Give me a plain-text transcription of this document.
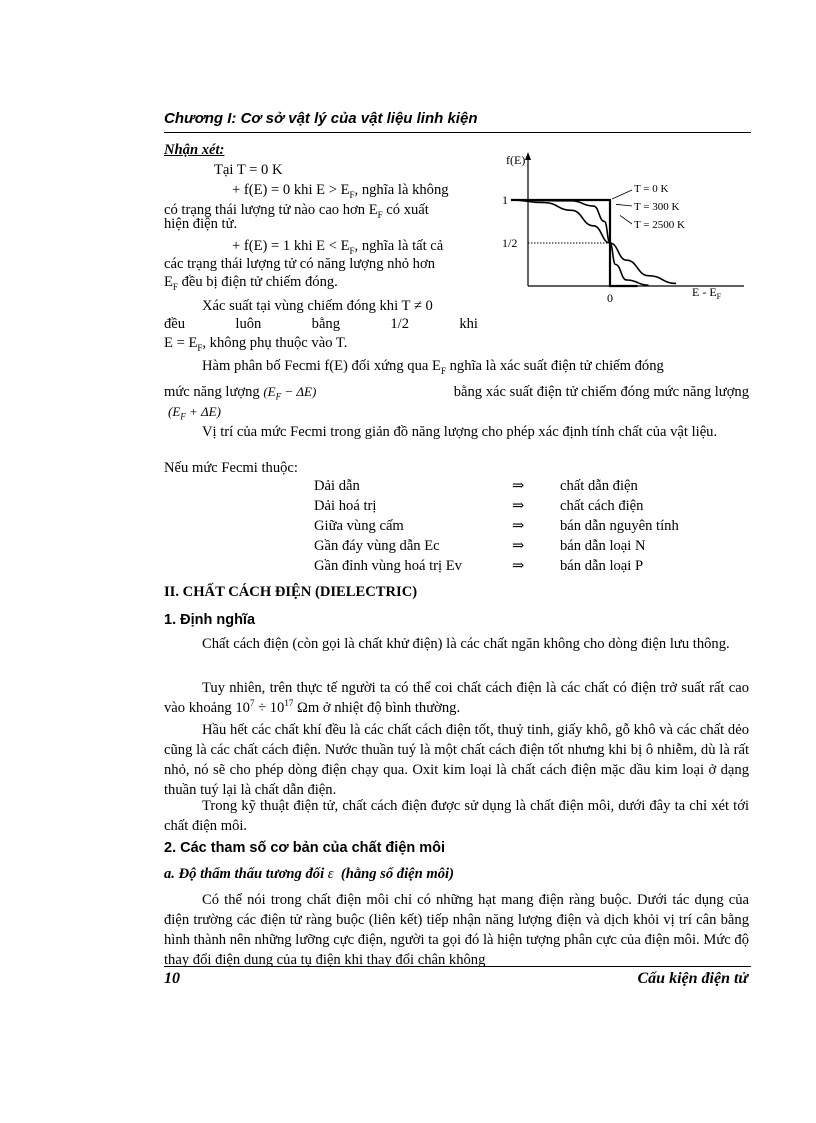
Chương I: Cơ sở vật lý của vật liệu linh kiện
Nhận xét:
Tại T = 0 K
+ f(E) = 0 khi $E > E_F$, nghĩa là không
có trạng thái lượng tử nào cao hơn $E_F$ có xuất
hiện điện tử.
+ f(E) = 1 khi $E < E_F$, nghĩa là tất cả
các trạng thái lượng tử có năng lượng nhỏ hơn
$E_F$ đều bị điện tử chiếm đóng.
Xác suất tại vùng chiếm đóng khi T ≠ 0
đều	luôn	bằng	1/2	khi
$E = E_F$, không phụ thuộc vào T.
T = 0 K
T = 300 K
T = 2500 K
f(E)
1
1/2
0	E - $E_F$
Hàm phân bố Fecmi f(E) đối xứng qua $E_F$ nghĩa là xác suất điện tử chiếm đóng
mức năng lượng $(E_F - \Delta E)$	bằng xác suất điện tử chiếm đóng mức năng lượng
$(E_F + \Delta E)$
Vị trí của mức Fecmi trong giản đồ năng lượng cho phép xác định tính chất của vật liệu.
Nếu mức Fecmi thuộc:
Dải dẫn	⇒ chất dẫn điện
Dải hoá trị	⇒ chất cách điện
Giữa vùng cấm	⇒ bán dẫn nguyên tính
Gần đáy vùng dẫn Ec	⇒ bán dẫn loại N
Gần đỉnh vùng hoá trị Ev	⇒ bán dẫn loại P
II. CHẤT CÁCH ĐIỆN (DIELECTRIC)
1. Định nghĩa
Chất cách điện (còn gọi là chất khử điện) là các chất ngăn không cho dòng điện lưu thông.
Tuy nhiên, trên thực tế người ta có thể coi chất cách điện là các chất có điện trở suất rất cao vào khoảng $10^7 \div 10^{17}$ Ωm ở nhiệt độ bình thường.
Hầu hết các chất khí đều là các chất cách điện tốt, thuỷ tinh, giấy khô, gỗ khô và các chất dẻo cũng là các chất cách điện. Nước thuần tuý là một chất cách điện tốt nhưng khi bị ô nhiễm, dù là rất nhỏ, nó sẽ cho phép dòng điện chạy qua. Oxit kim loại là chất cách điện mặc dầu kim loại ở dạng thuần tuý lại là chất dẫn điện.
Trong kỹ thuật điện tử, chất cách điện được sử dụng là chất điện môi, dưới đây ta chỉ xét tới chất điện môi.
2. Các tham số cơ bản của chất điện môi
a. Độ thẩm thấu tương đối ε (hằng số điện môi)
Có thể nói trong chất điện môi chỉ có những hạt mang điện ràng buộc. Dưới tác dụng của điện trường các điện tử ràng buộc (liên kết) tiếp nhận năng lượng điện và dịch khỏi vị trí cân bằng hình thành nên những lưỡng cực điện, người ta gọi đó là hiện tượng phân cực của điện môi. Mức độ thay đổi điện dung của tụ điện khi thay đổi chân không
10	Cấu kiện điện tử
